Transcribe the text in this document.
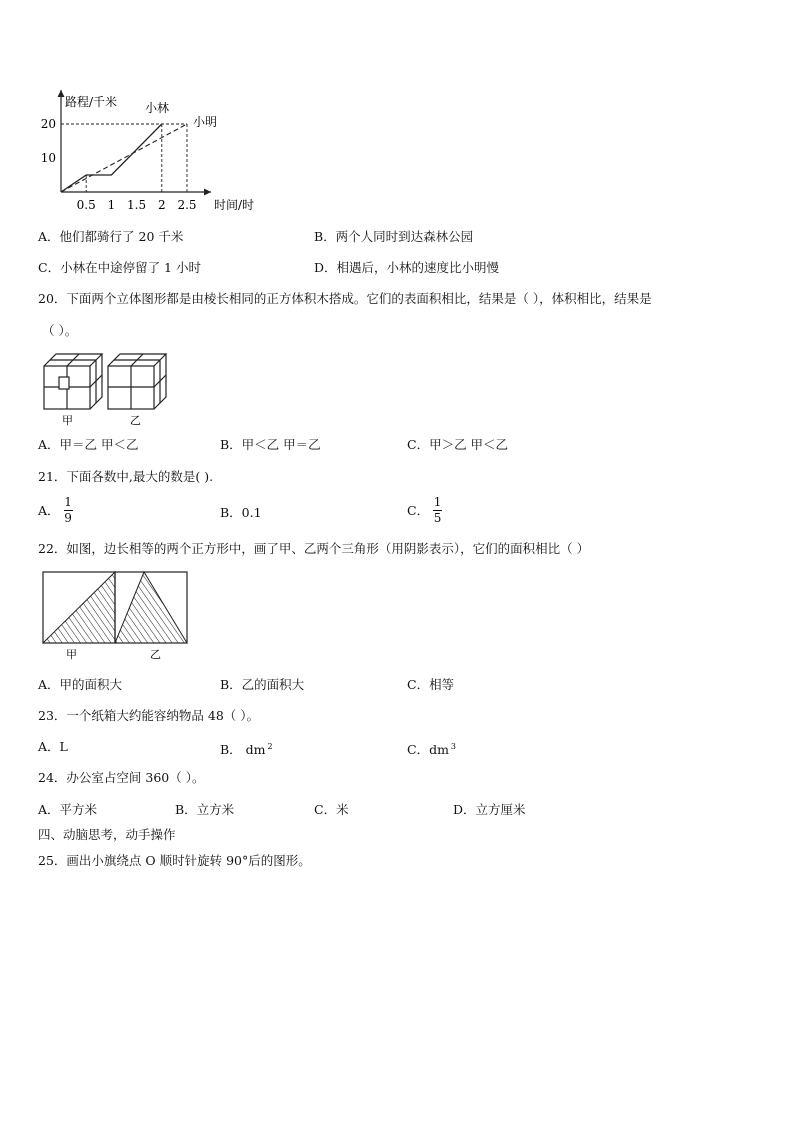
路程/千米
时间/时
0.5 1 1.5 2 2.5
10
20
小林
小明
A．他们都骑行了 20 千米	B．两个人同时到达森林公园
C．小林在中途停留了 1 小时	D．相遇后，小林的速度比小明慢
20．下面两个立体图形都是由棱长相同的正方体积木搭成。它们的表面积相比，结果是（ ），体积相比，结果是
（ ）。
甲	乙
A．甲＝乙 甲＜乙	B．甲＜乙 甲＝乙	C．甲＞乙 甲＜乙
21．下面各数中,最大的数是( ).
A． $\frac{1}{9}$	B．0.1	C． $\frac{1}{5}$
22．如图，边长相等的两个正方形中，画了甲、乙两个三角形（用阴影表示），它们的面积相比（ ）
甲	乙
A．甲的面积大	B．乙的面积大	C．相等
23．一个纸箱大约能容纳物品 48（ ）。
A．L	B． dm $^2$	C．dm $^3$
24．办公室占空间 360（ ）。
A．平方米	B．立方米	C．米	D．立方厘米
四、动脑思考，动手操作
25．画出小旗绕点 O 顺时针旋转 90°后的图形。
